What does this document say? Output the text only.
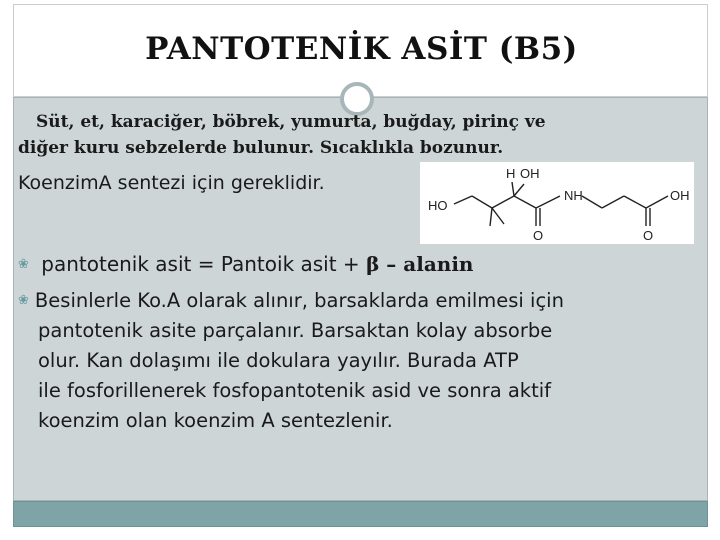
PANTOTENİK ASİT (B5)
Süt, et, karaciğer, böbrek, yumurta, buğday, pirinç ve
diğer kuru sebzelerde bulunur. Sıcaklıkla bozunur.
KoenzimA sentezi için gereklidir.	H OH
HO
NH	OH
O	O
❀ pantotenik asit = Pantoik asit + β – alanin
❀ Besinlerle Ko.A olarak alınır, barsaklarda emilmesi için
pantotenik asite parçalanır. Barsaktan kolay absorbe
olur. Kan dolaşımı ile dokulara yayılır. Burada ATP
ile fosforillenerek fosfopantotenik asid ve sonra aktif
koenzim olan koenzim A sentezlenir.
